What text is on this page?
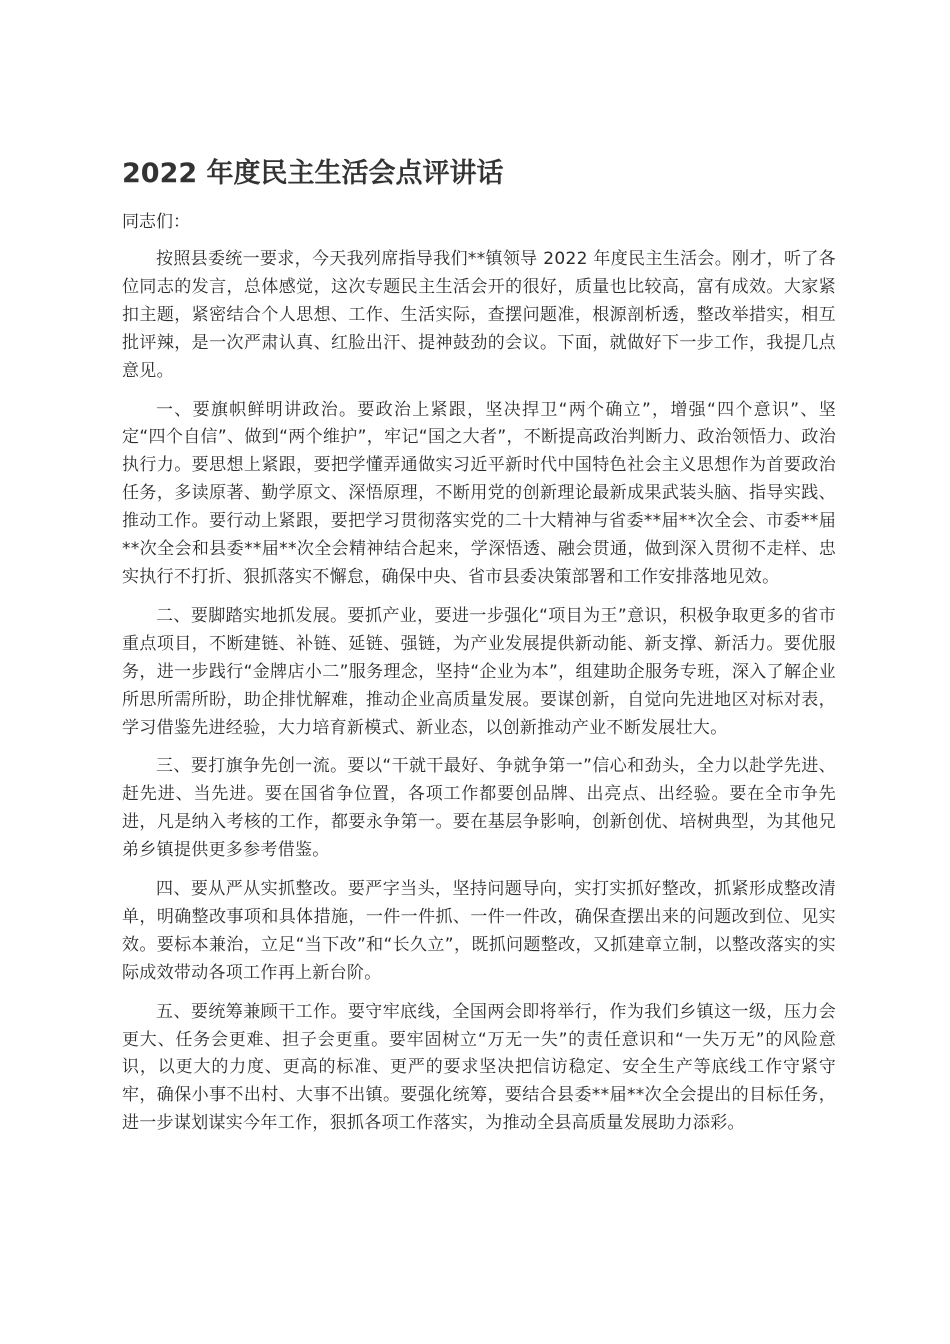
2022 年度民主生活会点评讲话

同志们：

按照县委统一要求，今天我列席指导我们**镇领导 2022 年度民主生活会。刚才，听了各位同志的发言，总体感觉，这次专题民主生活会开的很好，质量也比较高，富有成效。大家紧扣主题，紧密结合个人思想、工作、生活实际，查摆问题准，根源剖析透，整改举措实，相互批评辣，是一次严肃认真、红脸出汗、提神鼓劲的会议。下面，就做好下一步工作，我提几点意见。

一、要旗帜鲜明讲政治。要政治上紧跟，坚决捍卫“两个确立”，增强“四个意识”、坚定“四个自信”、做到“两个维护”，牢记“国之大者”，不断提高政治判断力、政治领悟力、政治执行力。要思想上紧跟，要把学懂弄通做实习近平新时代中国特色社会主义思想作为首要政治任务，多读原著、勤学原文、深悟原理，不断用党的创新理论最新成果武装头脑、指导实践、推动工作。要行动上紧跟，要把学习贯彻落实党的二十大精神与省委**届**次全会、市委**届**次全会和县委**届**次全会精神结合起来，学深悟透、融会贯通，做到深入贯彻不走样、忠实执行不打折、狠抓落实不懈怠，确保中央、省市县委决策部署和工作安排落地见效。

二、要脚踏实地抓发展。要抓产业，要进一步强化“项目为王”意识，积极争取更多的省市重点项目，不断建链、补链、延链、强链，为产业发展提供新动能、新支撑、新活力。要优服务，进一步践行“金牌店小二”服务理念，坚持“企业为本”，组建助企服务专班，深入了解企业所思所需所盼，助企排忧解难，推动企业高质量发展。要谋创新，自觉向先进地区对标对表，学习借鉴先进经验，大力培育新模式、新业态，以创新推动产业不断发展壮大。

三、要打旗争先创一流。要以“干就干最好、争就争第一”信心和劲头，全力以赴学先进、赶先进、当先进。要在国省争位置，各项工作都要创品牌、出亮点、出经验。要在全市争先进，凡是纳入考核的工作，都要永争第一。要在基层争影响，创新创优、培树典型，为其他兄弟乡镇提供更多参考借鉴。

四、要从严从实抓整改。要严字当头，坚持问题导向，实打实抓好整改，抓紧形成整改清单，明确整改事项和具体措施，一件一件抓、一件一件改，确保查摆出来的问题改到位、见实效。要标本兼治，立足“当下改”和“长久立”，既抓问题整改，又抓建章立制，以整改落实的实际成效带动各项工作再上新台阶。

五、要统筹兼顾干工作。要守牢底线，全国两会即将举行，作为我们乡镇这一级，压力会更大、任务会更难、担子会更重。要牢固树立“万无一失”的责任意识和“一失万无”的风险意识，以更大的力度、更高的标准、更严的要求坚决把信访稳定、安全生产等底线工作守紧守牢，确保小事不出村、大事不出镇。要强化统筹，要结合县委**届**次全会提出的目标任务，进一步谋划谋实今年工作，狠抓各项工作落实，为推动全县高质量发展助力添彩。
